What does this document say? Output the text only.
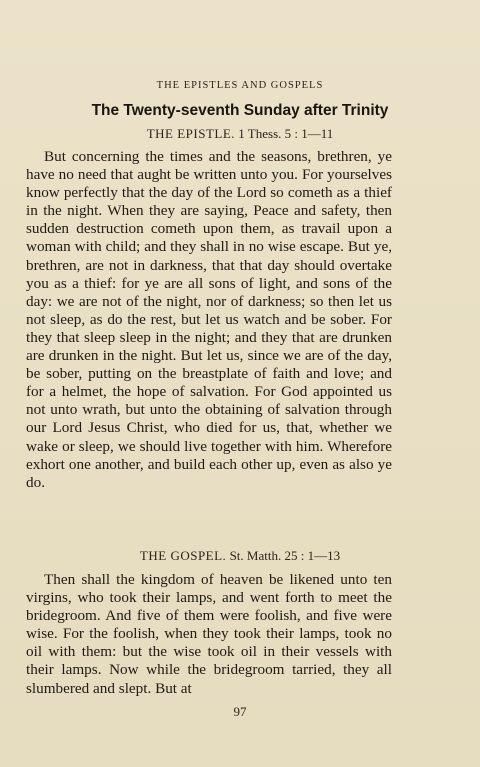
THE EPISTLES AND GOSPELS
The Twenty-seventh Sunday after Trinity
THE EPISTLE. 1 Thess. 5 : 1—11

But concerning the times and the seasons, brethren, ye have no need that aught be written unto you. For yourselves know perfectly that the day of the Lord so cometh as a thief in the night. When they are saying, Peace and safety, then sudden destruction cometh upon them, as travail upon a woman with child; and they shall in no wise escape. But ye, brethren, are not in darkness, that that day should overtake you as a thief: for ye are all sons of light, and sons of the day: we are not of the night, nor of darkness; so then let us not sleep, as do the rest, but let us watch and be sober. For they that sleep sleep in the night; and they that are drunken are drunken in the night. But let us, since we are of the day, be sober, putting on the breastplate of faith and love; and for a helmet, the hope of salvation. For God appointed us not unto wrath, but unto the obtaining of salvation through our Lord Jesus Christ, who died for us, that, whether we wake or sleep, we should live together with him. Wherefore exhort one another, and build each other up, even as also ye do.

THE GOSPEL. St. Matth. 25 : 1—13

Then shall the kingdom of heaven be likened unto ten virgins, who took their lamps, and went forth to meet the bridegroom. And five of them were foolish, and five were wise. For the foolish, when they took their lamps, took no oil with them: but the wise took oil in their vessels with their lamps. Now while the bridegroom tarried, they all slumbered and slept. But at

97
